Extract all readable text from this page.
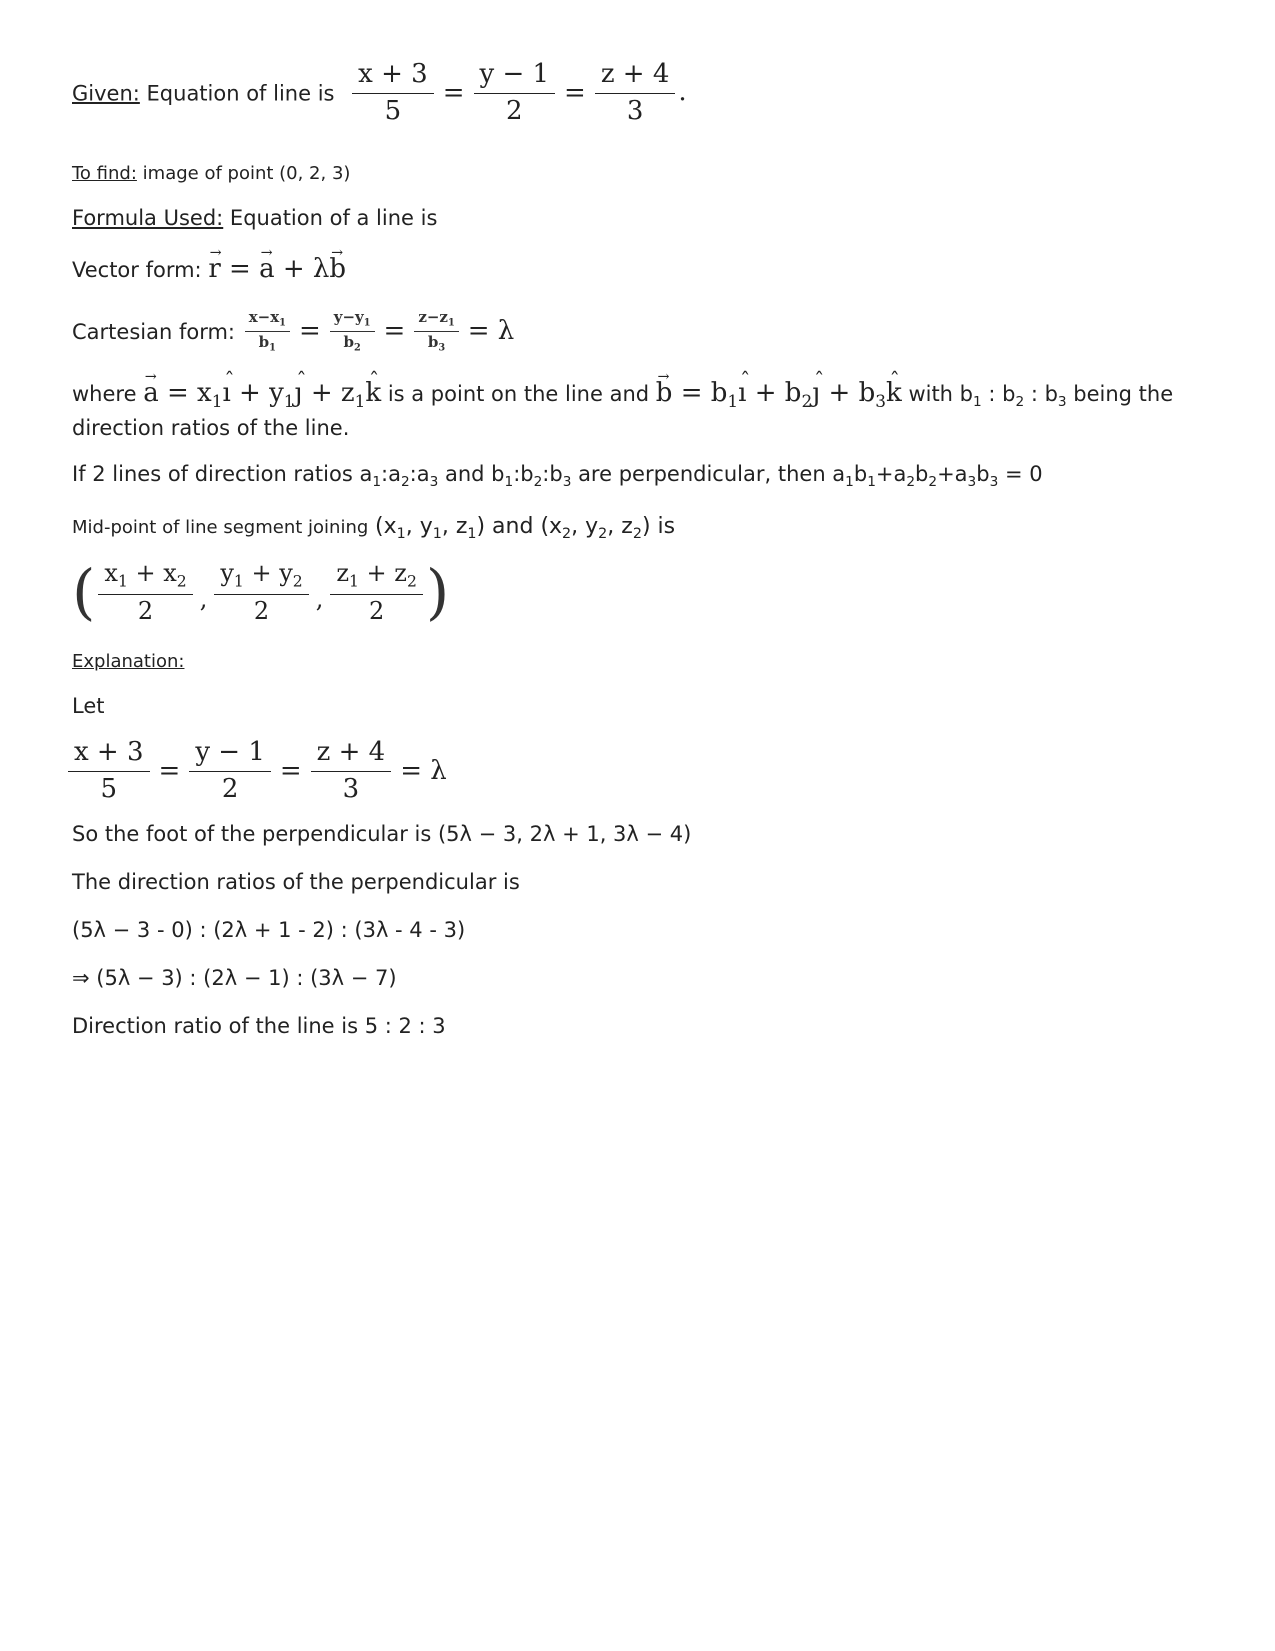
Given: Equation of line is $\frac{x + 3}{5} = \frac{y - 1}{2} = \frac{z + 4}{3}$ .
To find: image of point (0, 2, 3)
Formula Used: Equation of a line is
Vector form: r → = a → + λb →
Cartesian form: $\frac{x-x_1}{b_1} = \frac{y-y_1}{b_2} = \frac{z-z_1}{b_3} = \lambda$
where a → = $x_1ı$ ˆ + $y_1ȷ$ ˆ + $z_1k$ ˆ is a point on the line and b → = $b_1ı$ ˆ + $b_2ȷ$ ˆ + $b_3k$ ˆ with $b_1$ : $b_2$ : $b_3$ being the
direction ratios of the line.
If 2 lines of direction ratios $a_1:a_2:a_3$ and $b_1:b_2:b_3$ are perpendicular, then $a_1b_1+a_2b_2+a_3b_3 = 0$
Mid-point of line segment joining ($x_1$, $y_1$, $z_1$) and ($x_2$, $y_2$, $z_2$) is
( $\frac{x_1 + x_2}{2}$ , $\frac{y_1 + y_2}{2}$ , $\frac{z_1 + z_2}{2}$ )
Explanation:
Let
$\frac{x + 3}{5} = \frac{y - 1}{2} = \frac{z + 4}{3} = \lambda$
So the foot of the perpendicular is (5λ − 3, 2λ + 1, 3λ − 4)
The direction ratios of the perpendicular is
(5λ − 3 - 0) : (2λ + 1 - 2) : (3λ - 4 - 3)
⇒ (5λ − 3) : (2λ − 1) : (3λ − 7)
Direction ratio of the line is 5 : 2 : 3
